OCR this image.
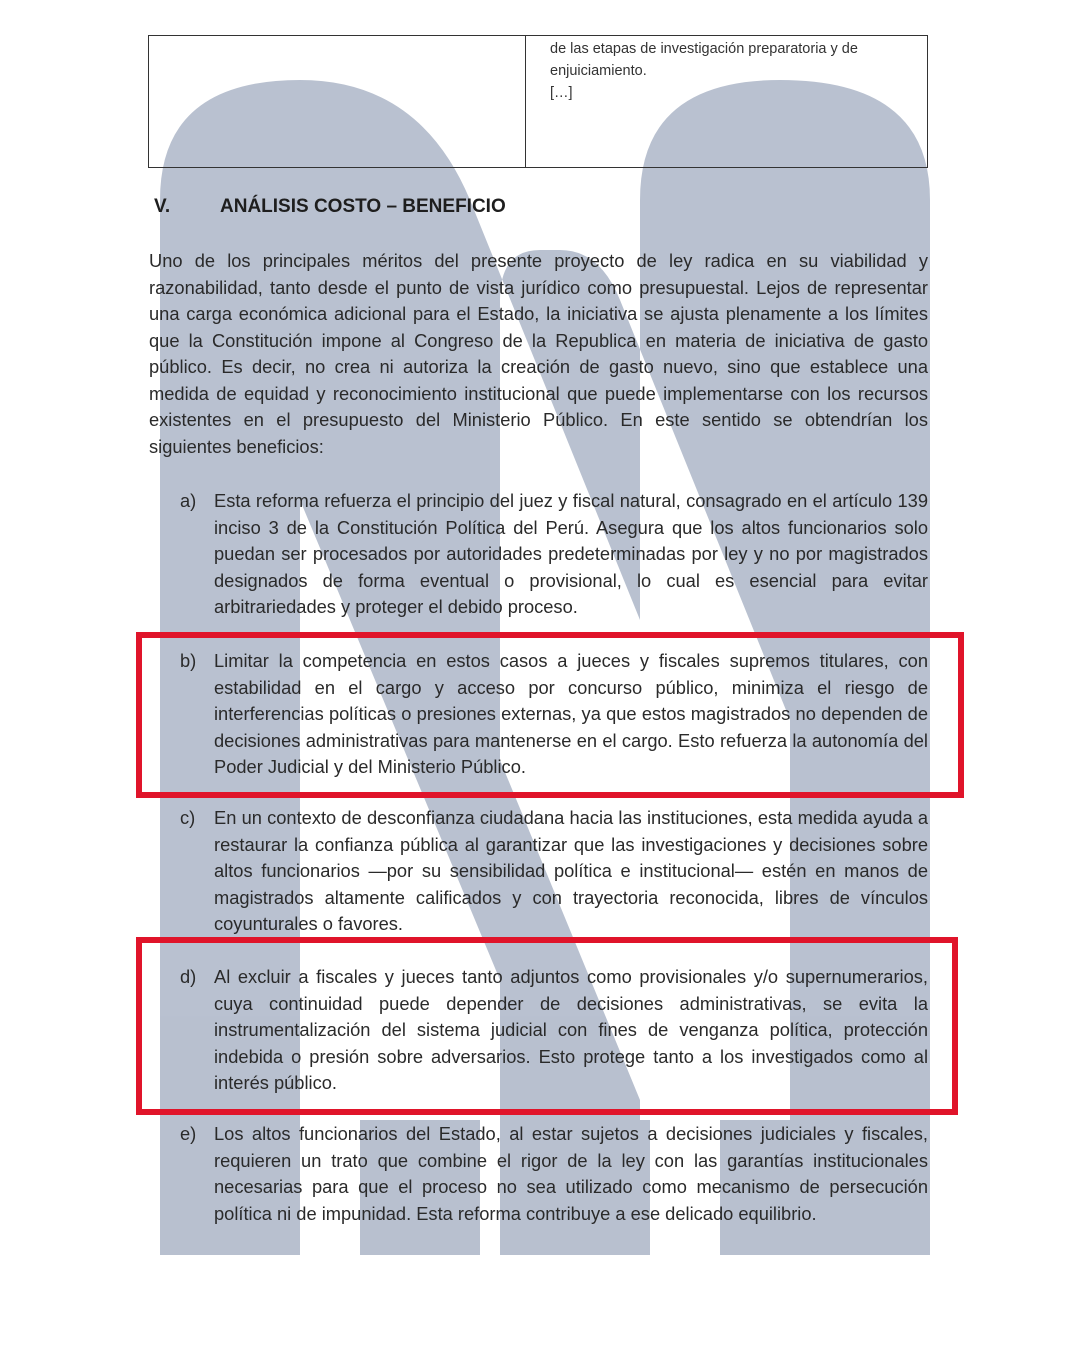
de las etapas de investigación preparatoria y de
enjuiciamiento.
[…]
V.	ANÁLISIS COSTO – BENEFICIO
Uno de los principales méritos del presente proyecto de ley radica en su viabilidad y razonabilidad, tanto desde el punto de vista jurídico como presupuestal. Lejos de representar una carga económica adicional para el Estado, la iniciativa se ajusta plenamente a los límites que la Constitución impone al Congreso de la Republica en materia de iniciativa de gasto público. Es decir, no crea ni autoriza la creación de gasto nuevo, sino que establece una medida de equidad y reconocimiento institucional que puede implementarse con los recursos existentes en el presupuesto del Ministerio Público. En este sentido se obtendrían los siguientes beneficios:
a) Esta reforma refuerza el principio del juez y fiscal natural, consagrado en el artículo 139 inciso 3 de la Constitución Política del Perú. Asegura que los altos funcionarios solo puedan ser procesados por autoridades predeterminadas por ley y no por magistrados designados de forma eventual o provisional, lo cual es esencial para evitar arbitrariedades y proteger el debido proceso.
b) Limitar la competencia en estos casos a jueces y fiscales supremos titulares, con estabilidad en el cargo y acceso por concurso público, minimiza el riesgo de interferencias políticas o presiones externas, ya que estos magistrados no dependen de decisiones administrativas para mantenerse en el cargo. Esto refuerza la autonomía del Poder Judicial y del Ministerio Público.
c)	En un contexto de desconfianza ciudadana hacia las instituciones, esta medida ayuda a restaurar la confianza pública al garantizar que las investigaciones y decisiones sobre altos funcionarios —por su sensibilidad política e institucional— estén en manos de magistrados altamente calificados y con trayectoria reconocida, libres de vínculos coyunturales o favores.
d) Al excluir a fiscales y jueces tanto adjuntos como provisionales y/o supernumerarios, cuya continuidad puede depender de decisiones administrativas, se evita la instrumentalización del sistema judicial con fines de venganza política, protección indebida o presión sobre adversarios. Esto protege tanto a los investigados como al interés público.
e) Los altos funcionarios del Estado, al estar sujetos a decisiones judiciales y fiscales, requieren un trato que combine el rigor de la ley con las garantías institucionales necesarias para que el proceso no sea utilizado como mecanismo de persecución política ni de impunidad. Esta reforma contribuye a ese delicado equilibrio.
